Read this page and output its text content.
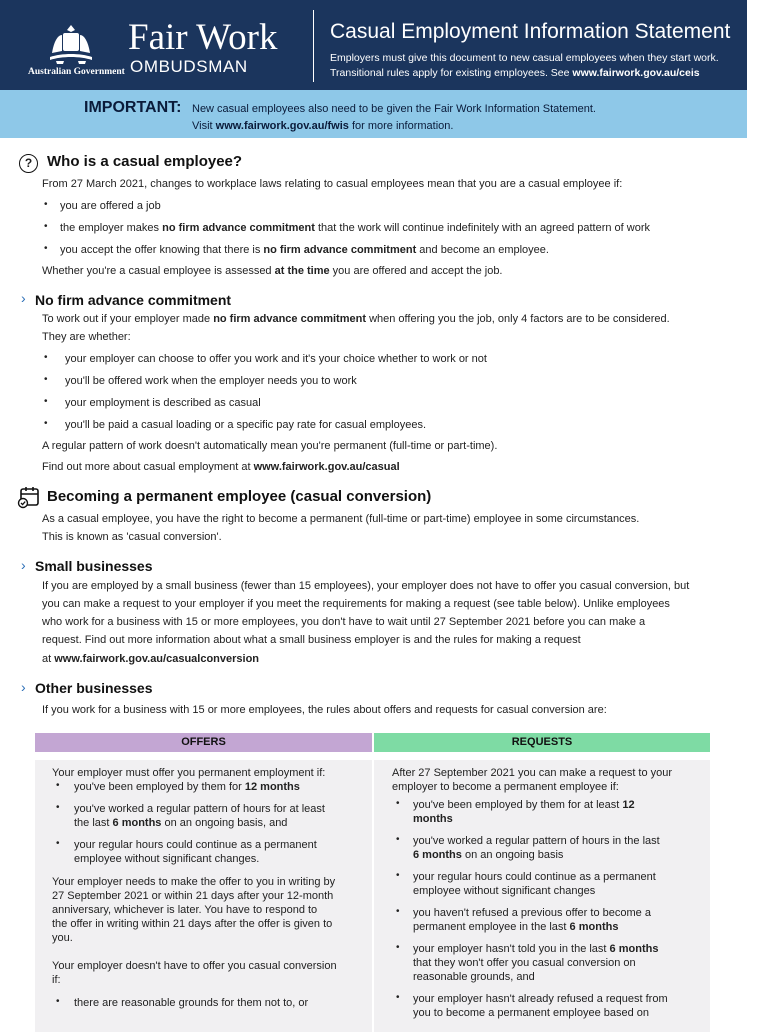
Australian Government
Fair Work
OMBUDSMAN
Casual Employment Information Statement
Employers must give this document to new casual employees when they start work.
Transitional rules apply for existing employees. See www.fairwork.gov.au/ceis
IMPORTANT: New casual employees also need to be given the Fair Work Information Statement.
Visit www.fairwork.gov.au/fwis for more information.
? Who is a casual employee?
From 27 March 2021, changes to workplace laws relating to casual employees mean that you are a casual employee if:
• you are offered a job
• the employer makes no firm advance commitment that the work will continue indefinitely with an agreed pattern of work
• you accept the offer knowing that there is no firm advance commitment and become an employee.
Whether you're a casual employee is assessed at the time you are offered and accept the job.
› No firm advance commitment
To work out if your employer made no firm advance commitment when offering you the job, only 4 factors are to be considered.
They are whether:
• your employer can choose to offer you work and it's your choice whether to work or not
• you'll be offered work when the employer needs you to work
• your employment is described as casual
• you'll be paid a casual loading or a specific pay rate for casual employees.
A regular pattern of work doesn't automatically mean you're permanent (full-time or part-time).
Find out more about casual employment at www.fairwork.gov.au/casual
Becoming a permanent employee (casual conversion)
As a casual employee, you have the right to become a permanent (full-time or part-time) employee in some circumstances.
This is known as 'casual conversion'.
› Small businesses
If you are employed by a small business (fewer than 15 employees), your employer does not have to offer you casual conversion, but
you can make a request to your employer if you meet the requirements for making a request (see table below). Unlike employees
who work for a business with 15 or more employees, you don't have to wait until 27 September 2021 before you can make a
request. Find out more information about what a small business employer is and the rules for making a request
at www.fairwork.gov.au/casualconversion
› Other businesses
If you work for a business with 15 or more employees, the rules about offers and requests for casual conversion are:
OFFERS
Your employer must offer you permanent employment if:
• you've been employed by them for 12 months
• you've worked a regular pattern of hours for at least
the last 6 months on an ongoing basis, and
• your regular hours could continue as a permanent
employee without significant changes.
Your employer needs to make the offer to you in writing by
27 September 2021 or within 21 days after your 12-month
anniversary, whichever is later. You have to respond to
the offer in writing within 21 days after the offer is given to
you.
Your employer doesn't have to offer you casual conversion
if:
• there are reasonable grounds for them not to, or
REQUESTS
After 27 September 2021 you can make a request to your
employer to become a permanent employee if:
• you've been employed by them for at least 12
months
• you've worked a regular pattern of hours in the last
6 months on an ongoing basis
• your regular hours could continue as a permanent
employee without significant changes
• you haven't refused a previous offer to become a
permanent employee in the last 6 months
• your employer hasn't told you in the last 6 months
that they won't offer you casual conversion on
reasonable grounds, and
• your employer hasn't already refused a request from
you to become a permanent employee based on
